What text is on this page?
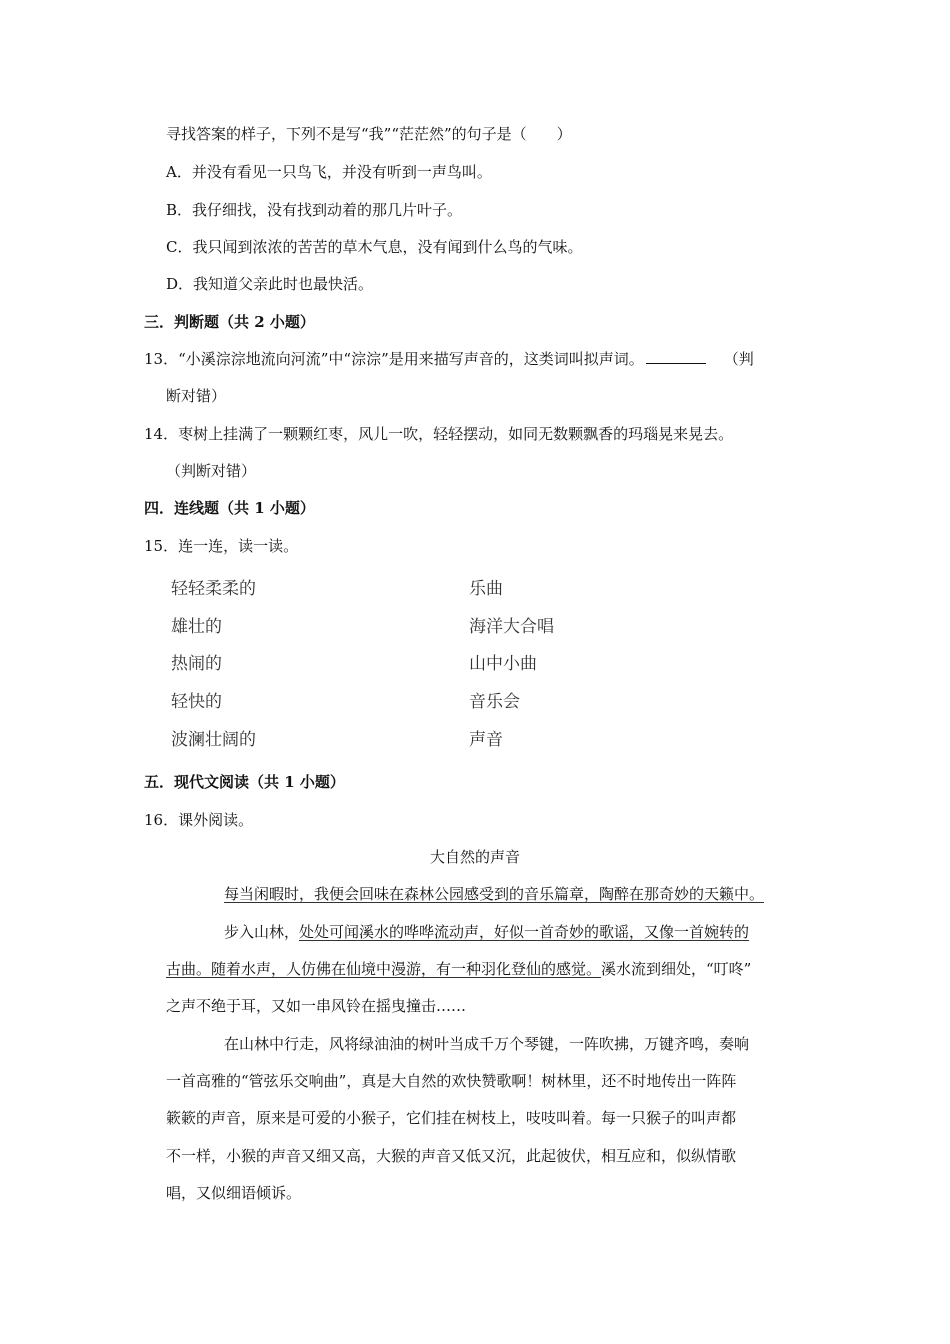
寻找答案的样子，下列不是写“我”“茫茫然”的句子是（　　）
A．并没有看见一只鸟飞，并没有听到一声鸟叫。
B．我仔细找，没有找到动着的那几片叶子。
C．我只闻到浓浓的苦苦的草木气息，没有闻到什么鸟的气味。
D．我知道父亲此时也最快活。
三．判断题（共 2 小题）
13．“小溪淙淙地流向河流”中“淙淙”是用来描写声音的，这类词叫拟声词。	（判
断对错）
14．枣树上挂满了一颗颗红枣，风儿一吹，轻轻摆动，如同无数颗飘香的玛瑙晃来晃去。
（判断对错）
四．连线题（共 1 小题）
15．连一连，读一读。
轻轻柔柔的
雄壮的
热闹的
轻快的
波澜壮阔的
乐曲
海洋大合唱
山中小曲
音乐会
声音
五．现代文阅读（共 1 小题）
16．课外阅读。
大自然的声音
每当闲暇时，我便会回味在森林公园感受到的音乐篇章，陶醉在那奇妙的天籁中。
步入山林，处处可闻溪水的哗哗流动声，好似一首奇妙的歌谣，又像一首婉转的
古曲。随着水声，人仿佛在仙境中漫游，有一种羽化登仙的感觉。溪水流到细处，“叮咚”
之声不绝于耳，又如一串风铃在摇曳撞击……
在山林中行走，风将绿油油的树叶当成千万个琴键，一阵吹拂，万键齐鸣，奏响
一首高雅的“管弦乐交响曲”，真是大自然的欢快赞歌啊！树林里，还不时地传出一阵阵
簌簌的声音，原来是可爱的小猴子，它们挂在树枝上，吱吱叫着。每一只猴子的叫声都
不一样，小猴的声音又细又高，大猴的声音又低又沉，此起彼伏，相互应和，似纵情歌
唱，又似细语倾诉。
